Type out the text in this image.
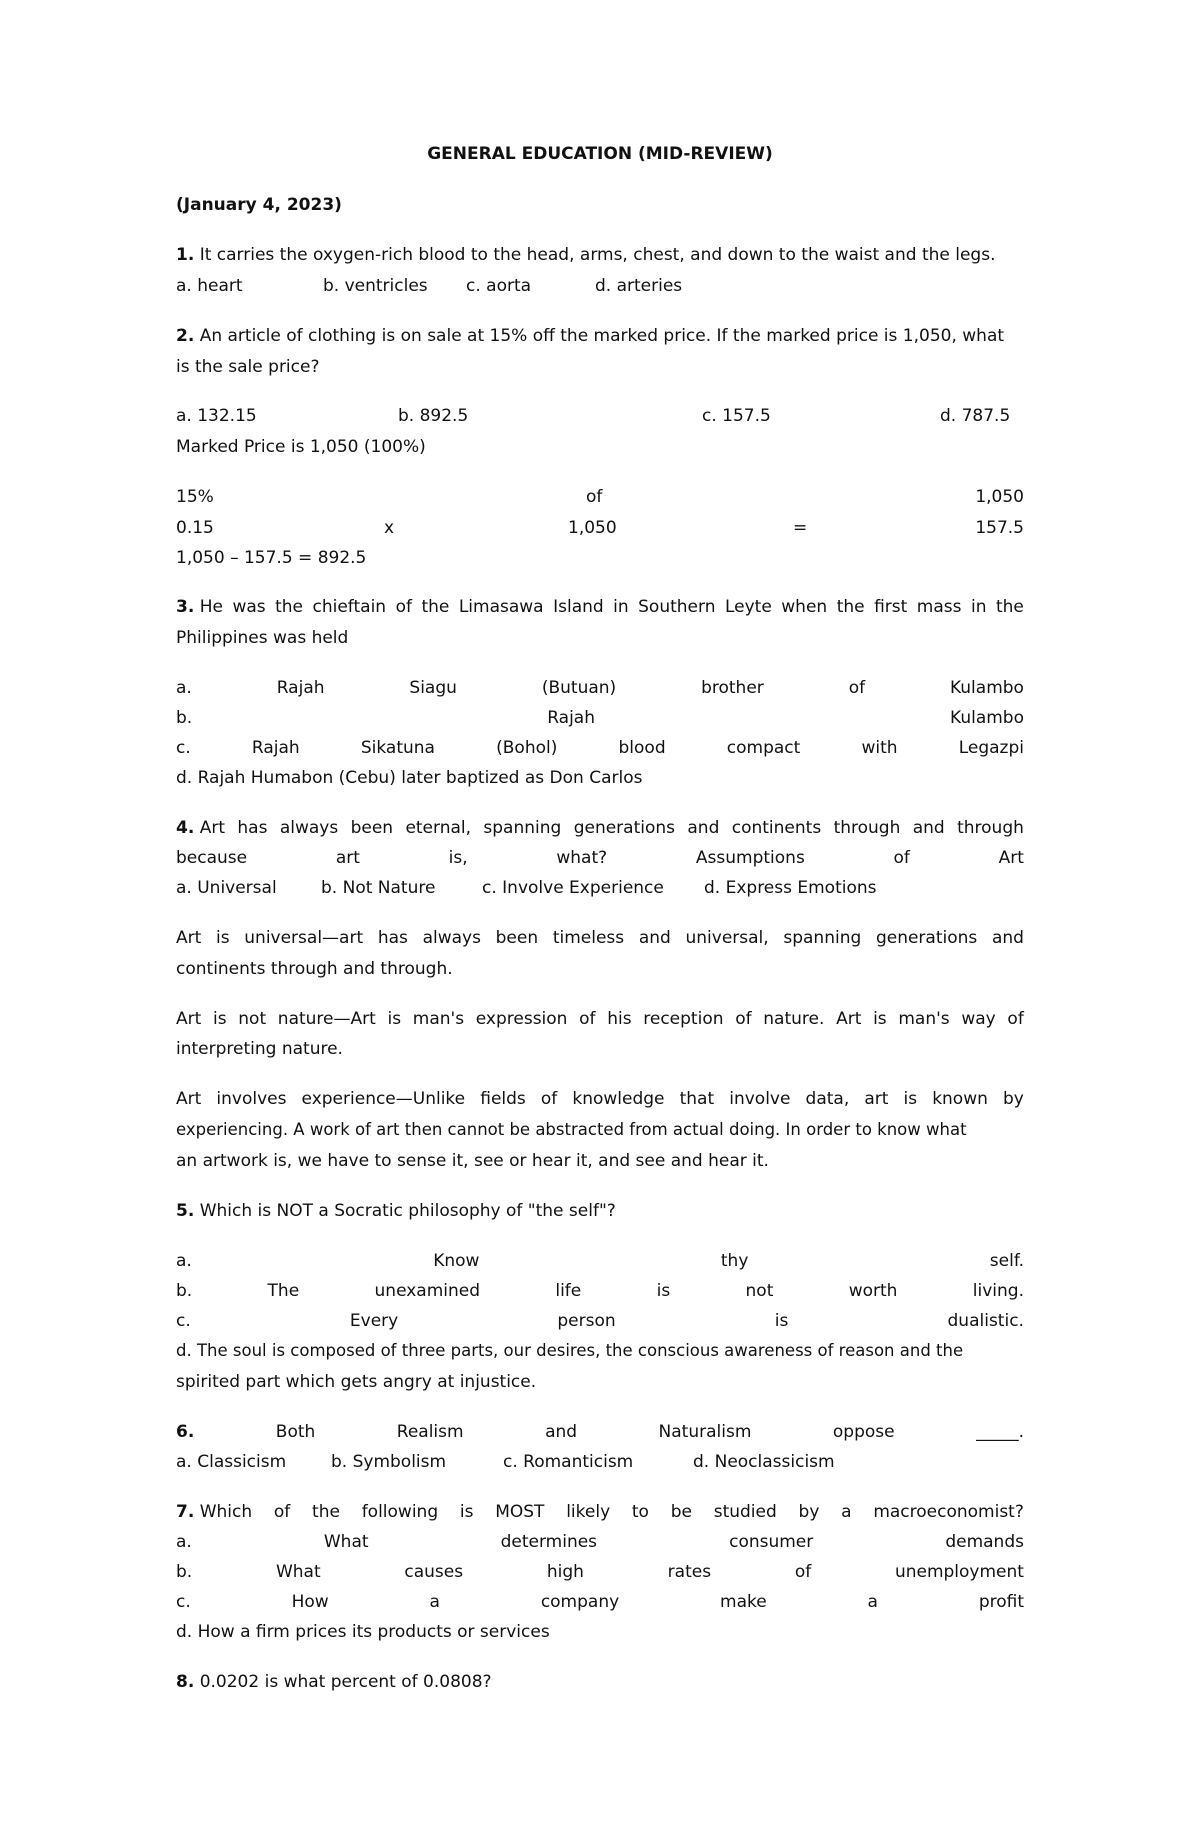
GENERAL EDUCATION (MID-REVIEW)
(January 4, 2023)
1. It carries the oxygen-rich blood to the head, arms, chest, and down to the waist and the legs.
a. heart	b. ventricles c. aorta	d. arteries
2. An article of clothing is on sale at 15% off the marked price. If the marked price is 1,050, what
is the sale price?
a. 132.15	b. 892.5	c. 157.5	d. 787.5
Marked Price is 1,050 (100%)
15%	of	1,050
0.15	x	1,050	=	157.5
1,050 – 157.5 = 892.5
3. He was the chieftain of the Limasawa Island in Southern Leyte when the first mass in the
Philippines was held
a.	Rajah	Siagu	(Butuan)	brother	of	Kulambo
b.	Rajah	Kulambo
c.	Rajah	Sikatuna	(Bohol)	blood	compact	with	Legazpi
d. Rajah Humabon (Cebu) later baptized as Don Carlos
4. Art has always been eternal, spanning generations and continents through and through
because	art	is,	what?	Assumptions	of	Art
a. Universal	b. Not Nature	c. Involve Experience d. Express Emotions
Art is universal—art has always been timeless and universal, spanning generations and
continents through and through.
Art is not nature—Art is man's expression of his reception of nature. Art is man's way of
interpreting nature.
Art involves experience—Unlike fields of knowledge that involve data, art is known by
experiencing. A work of art then cannot be abstracted from actual doing. In order to know what
an artwork is, we have to sense it, see or hear it, and see and hear it.
5. Which is NOT a Socratic philosophy of "the self"?
a.	Know	thy	self.
b.	The	unexamined	life	is	not	worth	living.
c.	Every	person	is	dualistic.
d. The soul is composed of three parts, our desires, the conscious awareness of reason and the
spirited part which gets angry at injustice.
6.	Both	Realism	and	Naturalism	oppose	_____.
a. Classicism	b. Symbolism	c. Romanticism	d. Neoclassicism
7. Which of the following is MOST likely to be studied by a macroeconomist?
a.	What	determines	consumer	demands
b.	What	causes	high	rates	of	unemployment
c.	How	a	company	make	a	profit
d. How a firm prices its products or services
8. 0.0202 is what percent of 0.0808?
